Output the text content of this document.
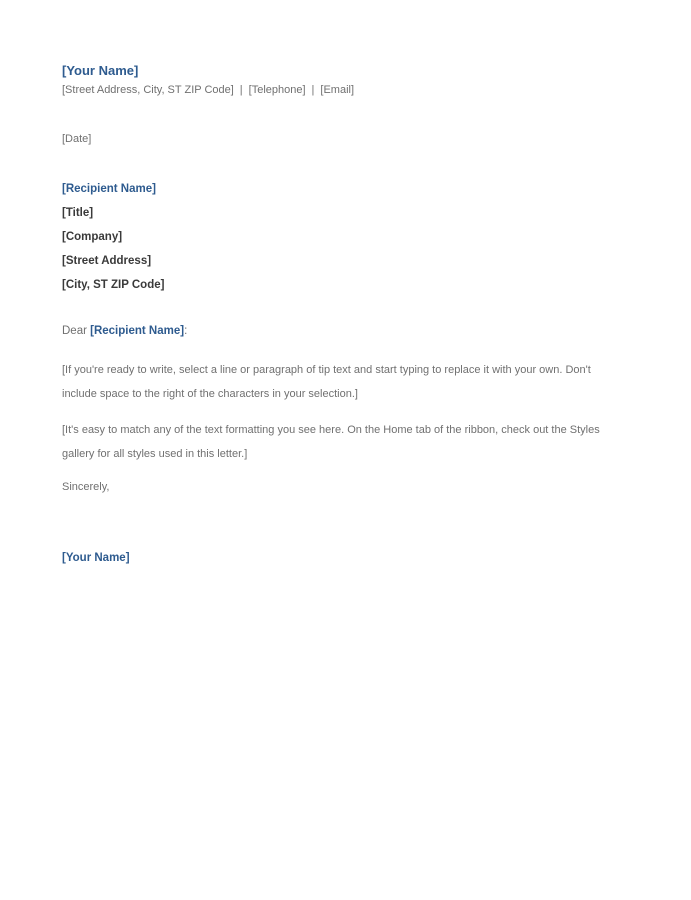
[Your Name]

[Street Address, City, ST ZIP Code] | [Telephone] | [Email]

[Date]

[Recipient Name]

[Title]

[Company]

[Street Address]

[City, ST ZIP Code]

Dear [Recipient Name]:

[If you're ready to write, select a line or paragraph of tip text and start typing to replace it with your own. Don't include space to the right of the characters in your selection.]

[It's easy to match any of the text formatting you see here. On the Home tab of the ribbon, check out the Styles gallery for all styles used in this letter.]

Sincerely,

[Your Name]
